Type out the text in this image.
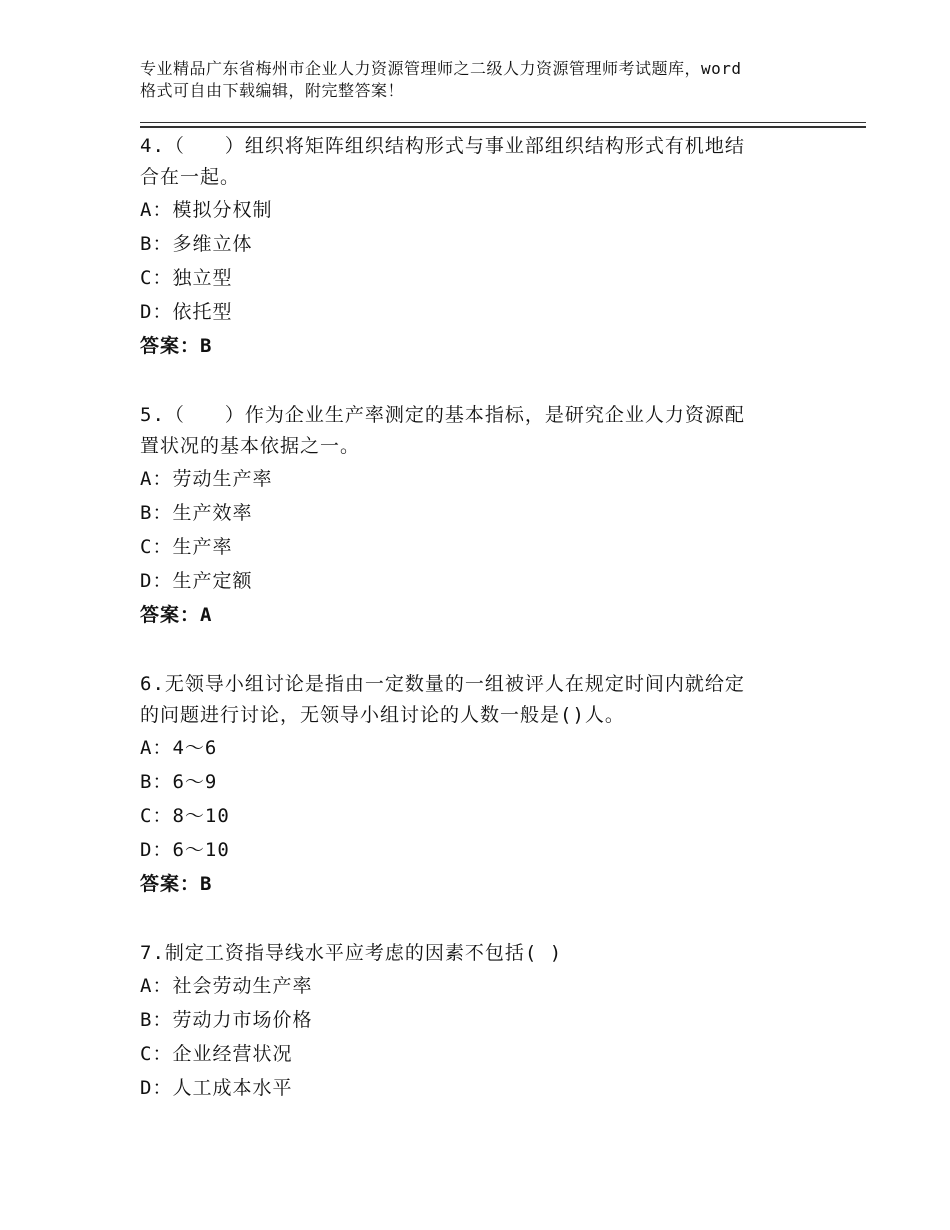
专业精品广东省梅州市企业人力资源管理师之二级人力资源管理师考试题库，word
格式可自由下载编辑，附完整答案！
4.（　　）组织将矩阵组织结构形式与事业部组织结构形式有机地结
合在一起。
A：模拟分权制
B：多维立体
C：独立型
D：依托型
答案：B
5.（　　）作为企业生产率测定的基本指标，是研究企业人力资源配
置状况的基本依据之一。
A：劳动生产率
B：生产效率
C：生产率
D：生产定额
答案：A
6.无领导小组讨论是指由一定数量的一组被评人在规定时间内就给定
的问题进行讨论，无领导小组讨论的人数一般是()人。
A：4～6
B：6～9
C：8～10
D：6～10
答案：B
7.制定工资指导线水平应考虑的因素不包括( )
A：社会劳动生产率
B：劳动力市场价格
C：企业经营状况
D：人工成本水平
